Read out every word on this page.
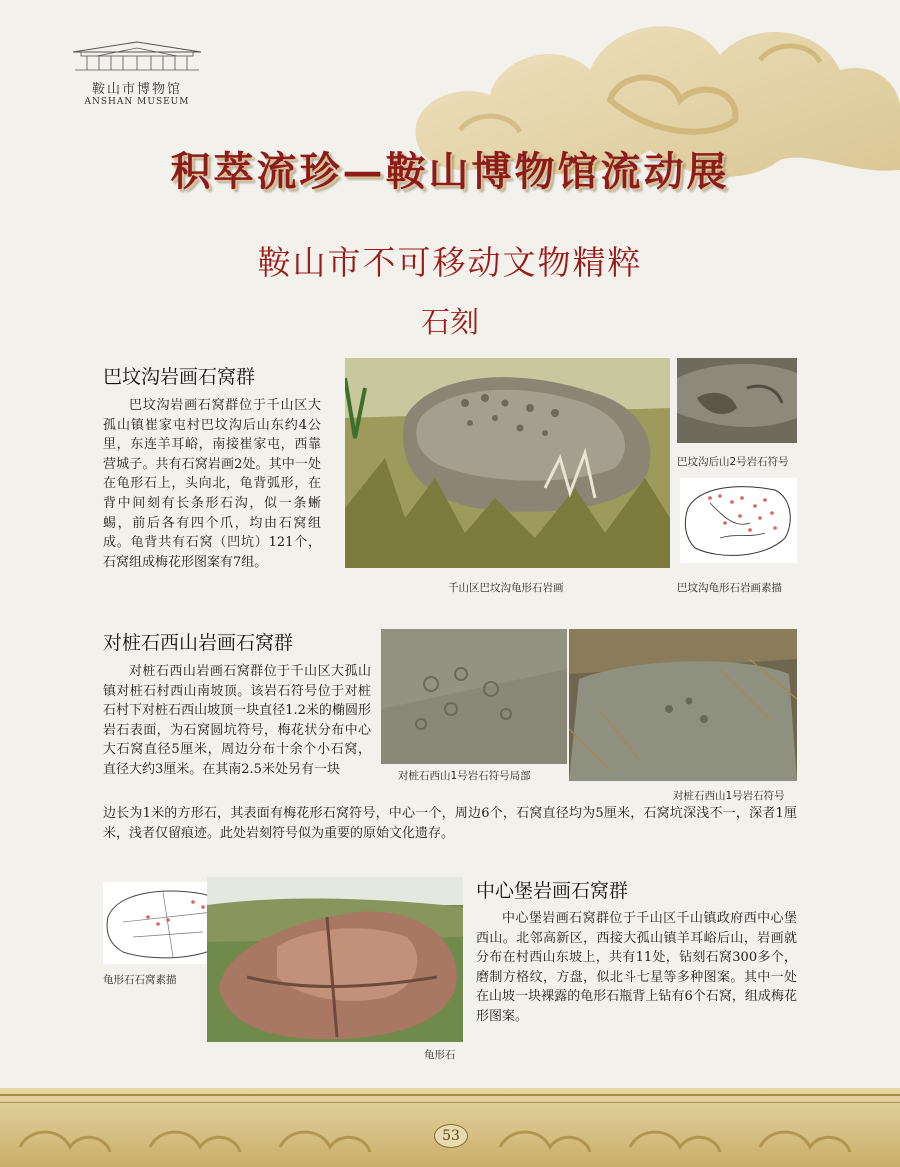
鞍山市博物馆
ANSHAN MUSEUM
积萃流珍—鞍山博物馆流动展
鞍山市不可移动文物精粹
石刻
巴坟沟岩画石窝群
巴坟沟岩画石窝群位于千山区大孤山镇崔家屯村巴坟沟后山东约4公里，东连羊耳峪，南接崔家屯，西靠营城子。共有石窝岩画2处。其中一处在龟形石上，头向北，龟背弧形，在背中间刻有长条形石沟，似一条蜥蜴，前后各有四个爪，均由石窝组成。龟背共有石窝（凹坑）121个，石窝组成梅花形图案有7组。
巴坟沟后山2号岩石符号
千山区巴坟沟龟形石岩画	巴坟沟龟形石岩画素描
对桩石西山岩画石窝群
对桩石西山岩画石窝群位于千山区大孤山镇对桩石村西山南坡顶。该岩石符号位于对桩石村下对桩石西山坡顶一块直径1.2米的椭圆形岩石表面，为石窝圆坑符号，梅花状分布中心大石窝直径5厘米，周边分布十余个小石窝，直径大约3厘米。在其南2.5米处另有一块
边长为1米的方形石，其表面有梅花形石窝符号，中心一个，周边6个，石窝直径均为5厘米，石窝坑深浅不一，深者1厘米，浅者仅留痕迹。此处岩刻符号似为重要的原始文化遗存。
对桩石西山1号岩石符号局部
对桩石西山1号岩石符号
龟形石石窝素描
龟形石
中心堡岩画石窝群
中心堡岩画石窝群位于千山区千山镇政府西中心堡西山。北邻高新区，西接大孤山镇羊耳峪后山，岩画就分布在村西山东坡上，共有11处，钻刻石窝300多个，磨制方格纹，方盘，似北斗七星等多种图案。其中一处在山坡一块裸露的龟形石瓶背上钻有6个石窝，组成梅花形图案。
53
